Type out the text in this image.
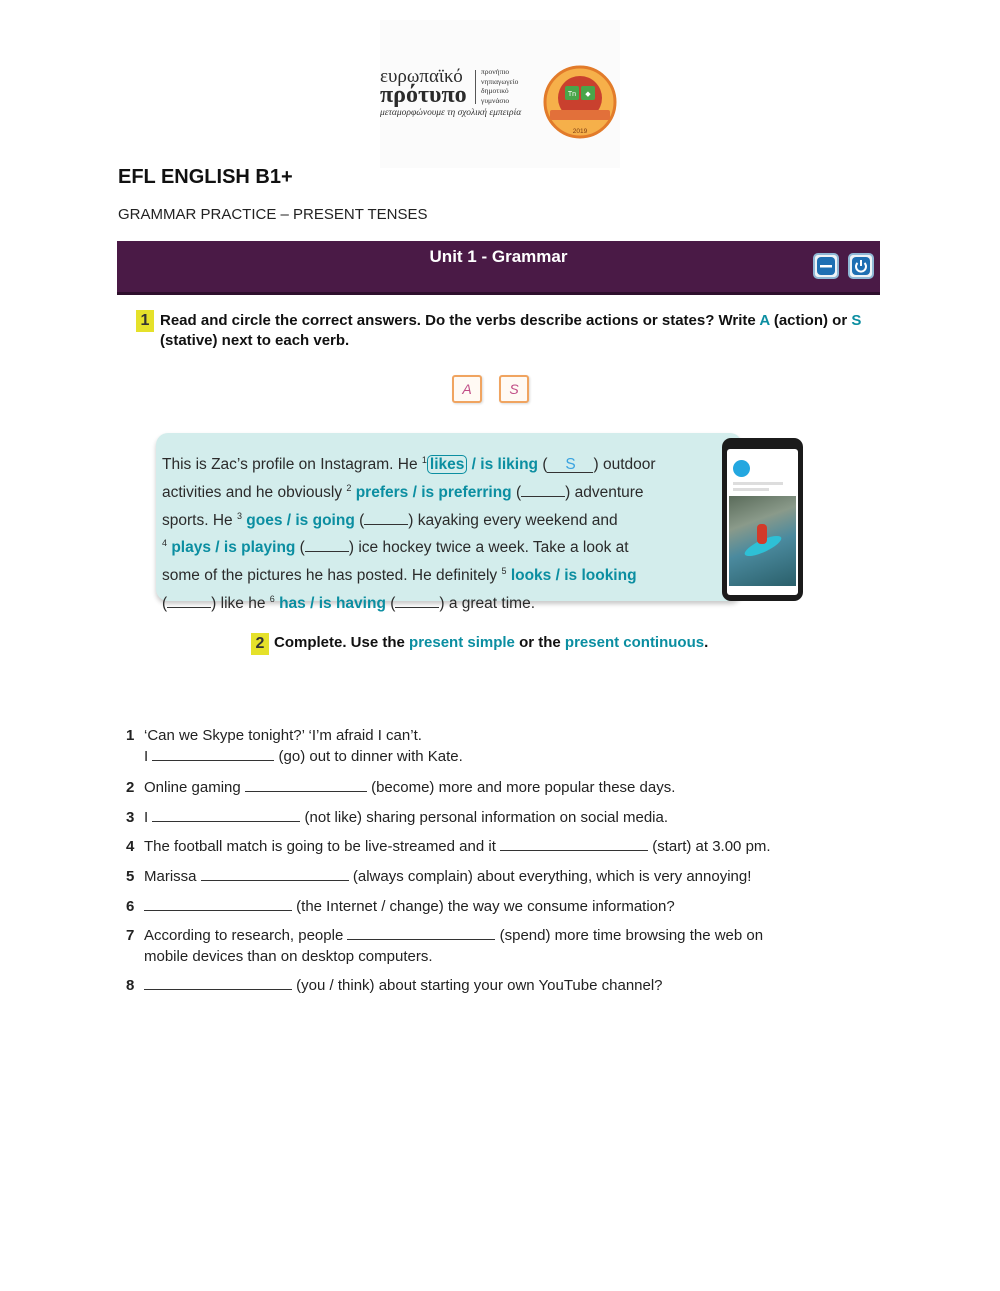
ευρωπαϊκό
πρότυπο
προνήπιο
νηπιαγωγείο
δημοτικό
γυμνάσιο
μεταμορφώνουμε τη σχολική εμπειρία
Tn ◆
2019
EFL ENGLISH B1+
GRAMMAR PRACTICE – PRESENT TENSES
Unit 1 - Grammar
1 Read and circle the correct answers. Do the verbs describe actions or states? Write A (action) or S
(stative) next to each verb.
A	S
This is Zac’s profile on Instagram. He $^1$ likes / is liking ( S ) outdoor
activities and he obviously $^2$ prefers / is preferring (	) adventure
sports. He $^3$ goes / is going (	) kayaking every weekend and
$^4$ plays / is playing (	) ice hockey twice a week. Take a look at
some of the pictures he has posted. He definitely $^5$ looks / is looking
(	) like he $^6$ has / is having (	) a great time.
2 Complete. Use the present simple or the present continuous.
1 ‘Can we Skype tonight?’ ‘I’m afraid I can’t.
I	(go) out to dinner with Kate.
2 Online gaming	(become) more and more popular these days.
3 I	(not like) sharing personal information on social media.
4 The football match is going to be live-streamed and it	(start) at 3.00 pm.
5 Marissa	(always complain) about everything, which is very annoying!
6	(the Internet / change) the way we consume information?
7 According to research, people	(spend) more time browsing the web on
mobile devices than on desktop computers.
8	(you / think) about starting your own YouTube channel?
